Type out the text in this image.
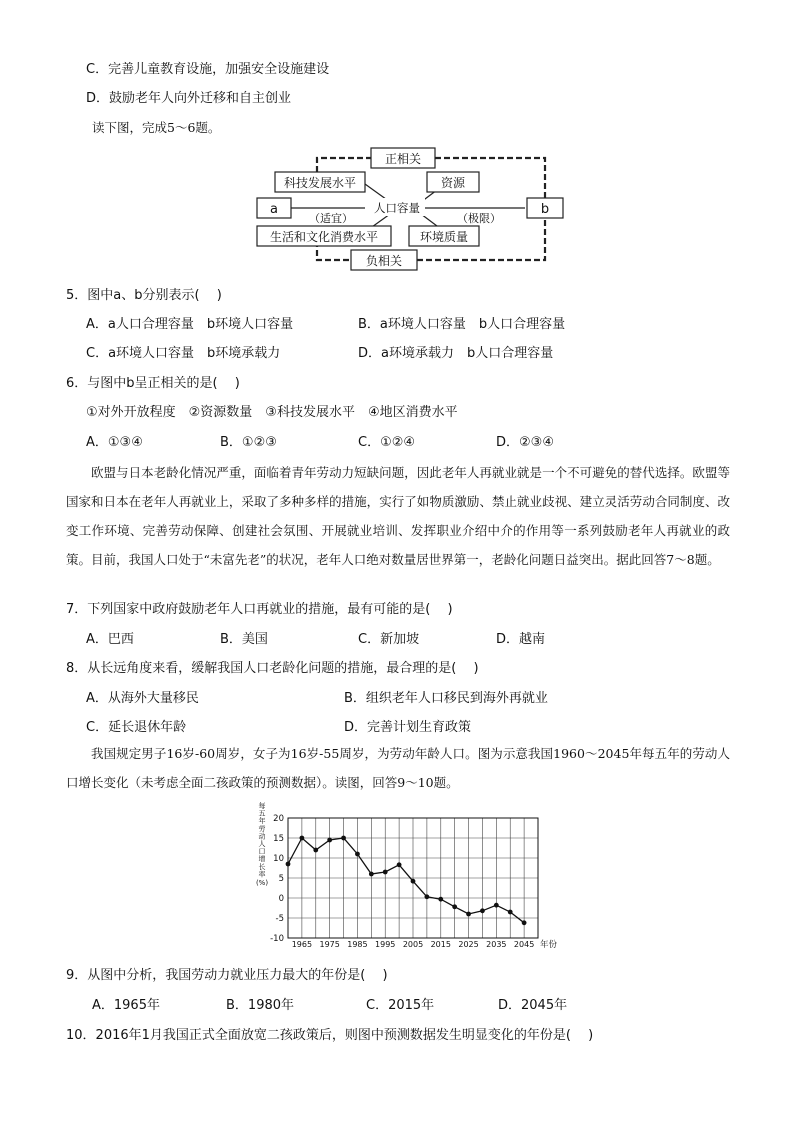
C．完善儿童教育设施，加强安全设施建设
D．鼓励老年人向外迁移和自主创业
读下图，完成5～6题。
正相关
负相关
科技发展水平	资源
人口容量
a	b
生活和文化消费水平	环境质量
（适宜）	（极限）
5．图中a、b分别表示(　 )
A．a人口合理容量　b环境人口容量	B．a环境人口容量　b人口合理容量
C．a环境人口容量　b环境承载力	D．a环境承载力　b人口合理容量
6．与图中b呈正相关的是(　 )
①对外开放程度　②资源数量　③科技发展水平　④地区消费水平
A．①③④	B．①②③	C．①②④	D．②③④
欧盟与日本老龄化情况严重，面临着青年劳动力短缺问题，因此老年人再就业就是一个不可避免的替代选择。欧盟等国家和日本在老年人再就业上，采取了多种多样的措施，实行了如物质激励、禁止就业歧视、建立灵活劳动合同制度、改变工作环境、完善劳动保障、创建社会氛围、开展就业培训、发挥职业介绍中介的作用等一系列鼓励老年人再就业的政策。目前，我国人口处于“未富先老”的状况，老年人口绝对数量居世界第一，老龄化问题日益突出。据此回答7～8题。
7．下列国家中政府鼓励老年人口再就业的措施，最有可能的是(　 )
A．巴西	B．美国	C．新加坡	D．越南
8．从长远角度来看，缓解我国人口老龄化问题的措施，最合理的是(　 )
A．从海外大量移民	B．组织老年人口移民到海外再就业
C．延长退休年龄	D．完善计划生育政策
我国规定男子16岁-60周岁，女子为16岁-55周岁，为劳动年龄人口。图为示意我国1960～2045年每五年的劳动人口增长变化（未考虑全面二孩政策的预测数据）。读图，回答9～10题。
每
五
年
劳
动
人
口
增
长
率
(%)
20
15
10
5
0
-5
-10
1965 1975 1985 1995 2005 2015 2025 2035 2045 年份
9．从图中分析，我国劳动力就业压力最大的年份是(　 )
A．1965年	B．1980年	C．2015年	D．2045年
10．2016年1月我国正式全面放宽二孩政策后，则图中预测数据发生明显变化的年份是(　 )
